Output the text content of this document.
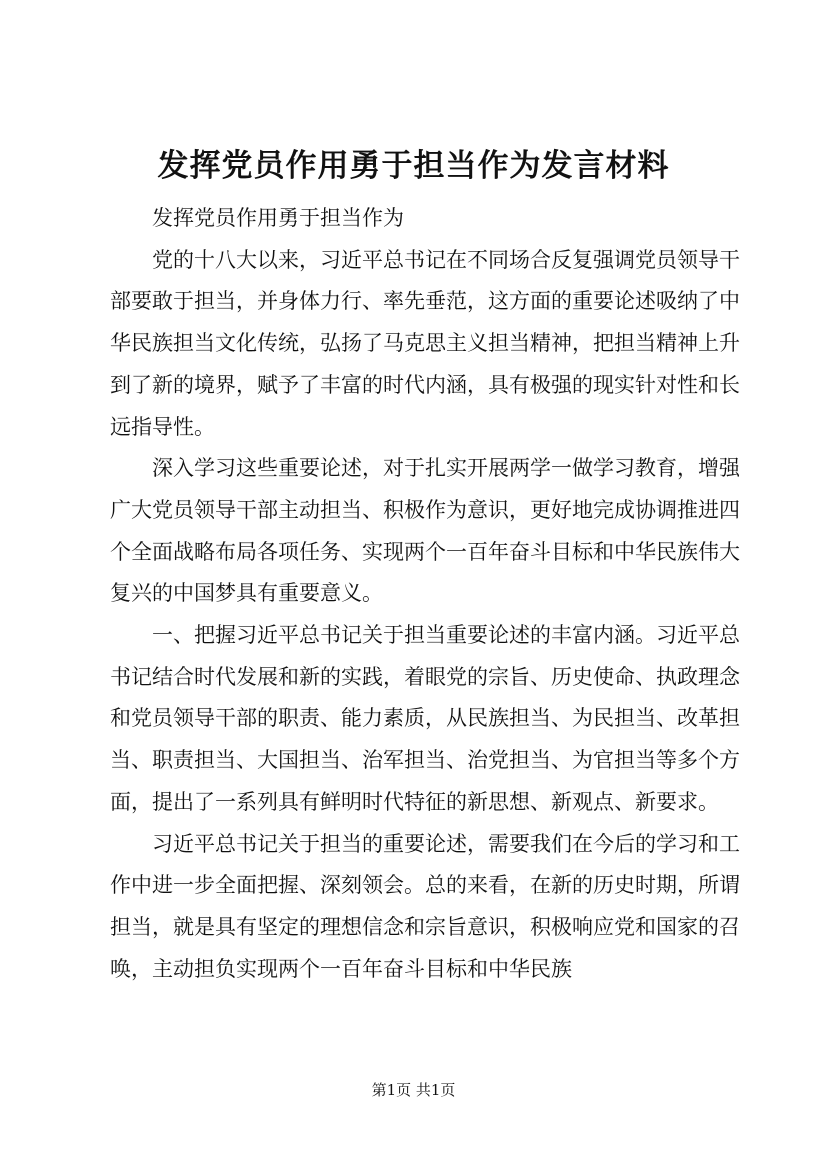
发挥党员作用勇于担当作为发言材料

发挥党员作用勇于担当作为

党的十八大以来，习近平总书记在不同场合反复强调党员领导干部要敢于担当，并身体力行、率先垂范，这方面的重要论述吸纳了中华民族担当文化传统，弘扬了马克思主义担当精神，把担当精神上升到了新的境界，赋予了丰富的时代内涵，具有极强的现实针对性和长远指导性。

深入学习这些重要论述，对于扎实开展两学一做学习教育，增强广大党员领导干部主动担当、积极作为意识，更好地完成协调推进四个全面战略布局各项任务、实现两个一百年奋斗目标和中华民族伟大复兴的中国梦具有重要意义。

一、把握习近平总书记关于担当重要论述的丰富内涵。习近平总书记结合时代发展和新的实践，着眼党的宗旨、历史使命、执政理念和党员领导干部的职责、能力素质，从民族担当、为民担当、改革担当、职责担当、大国担当、治军担当、治党担当、为官担当等多个方面，提出了一系列具有鲜明时代特征的新思想、新观点、新要求。

习近平总书记关于担当的重要论述，需要我们在今后的学习和工作中进一步全面把握、深刻领会。总的来看，在新的历史时期，所谓担当，就是具有坚定的理想信念和宗旨意识，积极响应党和国家的召唤，主动担负实现两个一百年奋斗目标和中华民族

第1页 共1页
